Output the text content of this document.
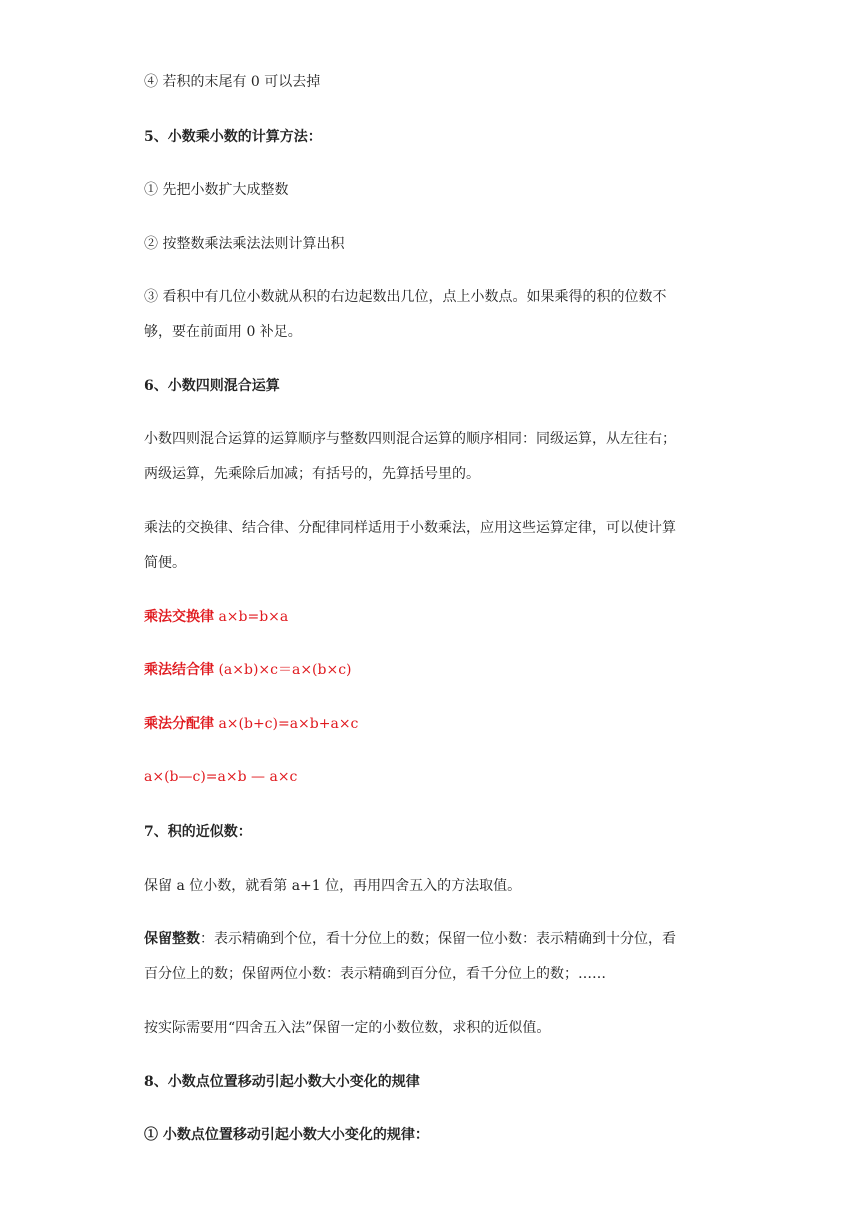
④ 若积的末尾有 0 可以去掉
5、小数乘小数的计算方法：
① 先把小数扩大成整数
② 按整数乘法乘法法则计算出积
③ 看积中有几位小数就从积的右边起数出几位，点上小数点。如果乘得的积的位数不
够，要在前面用 0 补足。
6、小数四则混合运算
小数四则混合运算的运算顺序与整数四则混合运算的顺序相同：同级运算，从左往右；
两级运算，先乘除后加减；有括号的，先算括号里的。
乘法的交换律、结合律、分配律同样适用于小数乘法，应用这些运算定律，可以使计算
简便。
乘法交换律 a×b=b×a
乘法结合律 (a×b)×c＝a×(b×c)
乘法分配律 a×(b+c)=a×b+a×c
a×(b—c)=a×b — a×c
7、积的近似数：
保留 a 位小数，就看第 a+1 位，再用四舍五入的方法取值。
保留整数：表示精确到个位，看十分位上的数；保留一位小数：表示精确到十分位，看
百分位上的数；保留两位小数：表示精确到百分位，看千分位上的数；……
按实际需要用“四舍五入法”保留一定的小数位数，求积的近似值。
8、小数点位置移动引起小数大小变化的规律
① 小数点位置移动引起小数大小变化的规律：
